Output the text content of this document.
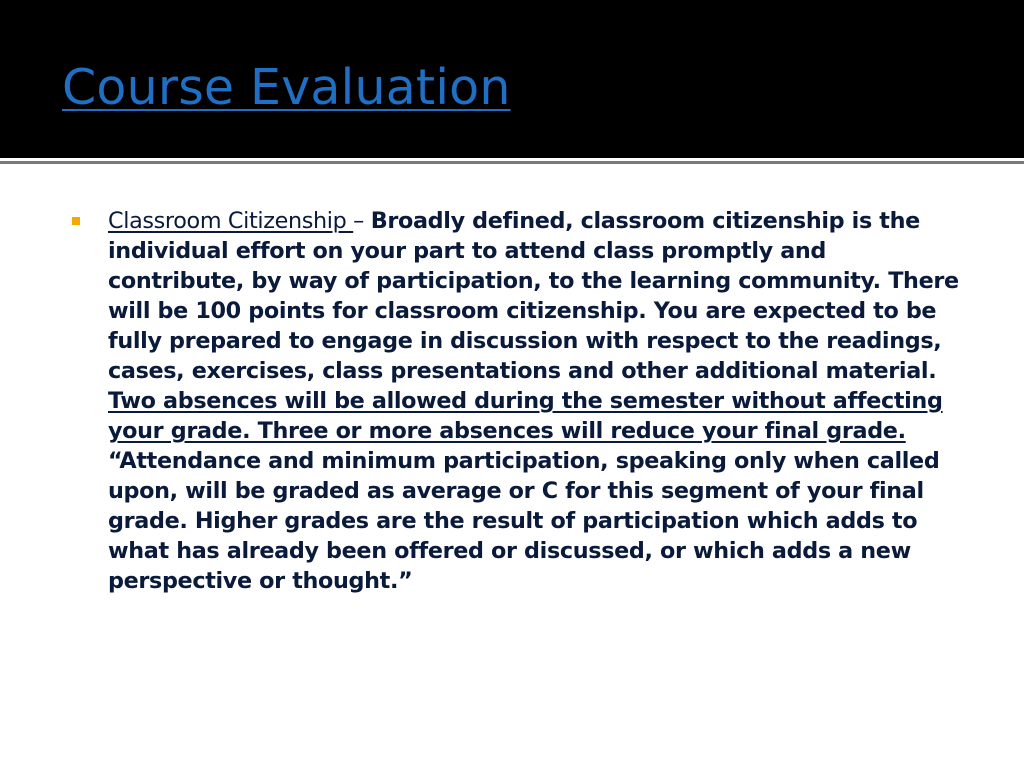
Course Evaluation

Classroom Citizenship – Broadly defined, classroom citizenship is the individual effort on your part to attend class promptly and contribute, by way of participation, to the learning community. There will be 100 points for classroom citizenship. You are expected to be fully prepared to engage in discussion with respect to the readings, cases, exercises, class presentations and other additional material. Two absences will be allowed during the semester without affecting your grade. Three or more absences will reduce your final grade. “Attendance and minimum participation, speaking only when called upon, will be graded as average or C for this segment of your final grade. Higher grades are the result of participation which adds to what has already been offered or discussed, or which adds a new perspective or thought.”
